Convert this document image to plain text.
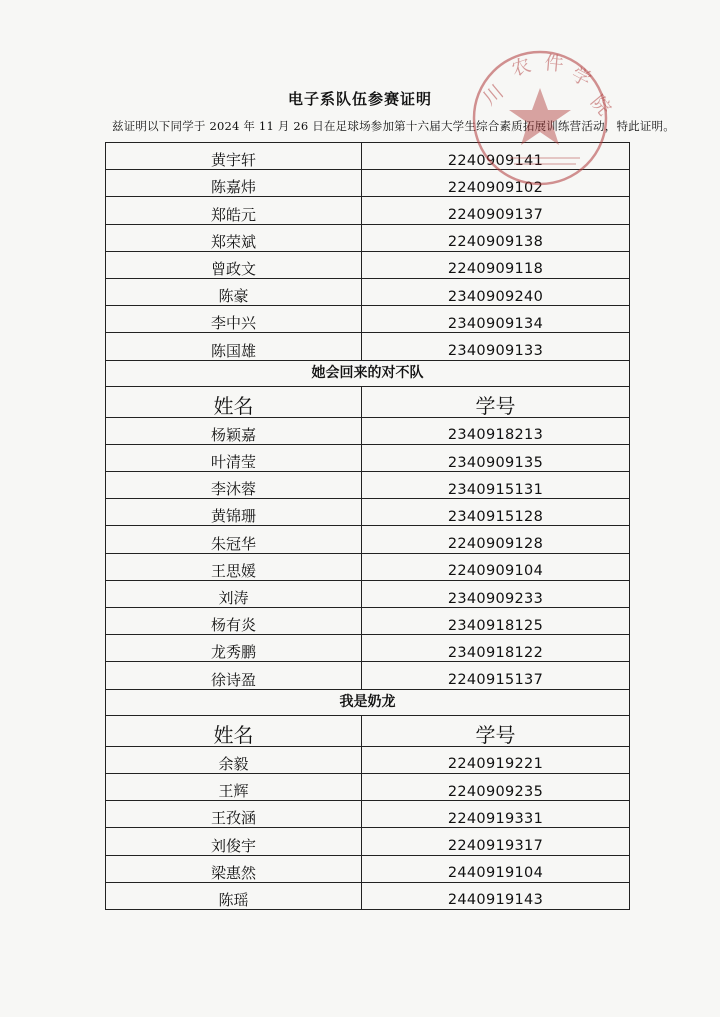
电子系队伍参赛证明
兹证明以下同学于 2024 年 11 月 26 日在足球场参加第十六届大学生综合素质拓展训练营活动，特此证明。
黄宇轩	2240909141
陈嘉炜	2240909102
郑皓元	2240909137
郑荣斌	2240909138
曾政文	2240909118
陈豪	2340909240
李中兴	2340909134
陈国雄	2340909133
她会回来的对不队	
姓名	学号
杨颖嘉	2340918213
叶清莹	2340909135
李沐蓉	2340915131
黄锦珊	2340915128
朱冠华	2240909128
王思媛	2240909104
刘涛	2340909233
杨有炎	2340918125
龙秀鹏	2340918122
徐诗盈	2240915137
我是奶龙	
姓名	学号
余毅	2240919221
王辉	2240909235
王孜涵	2240919331
刘俊宇	2240919317
梁惠然	2440919104
陈瑶	2440919143
川
农 件 学
院
